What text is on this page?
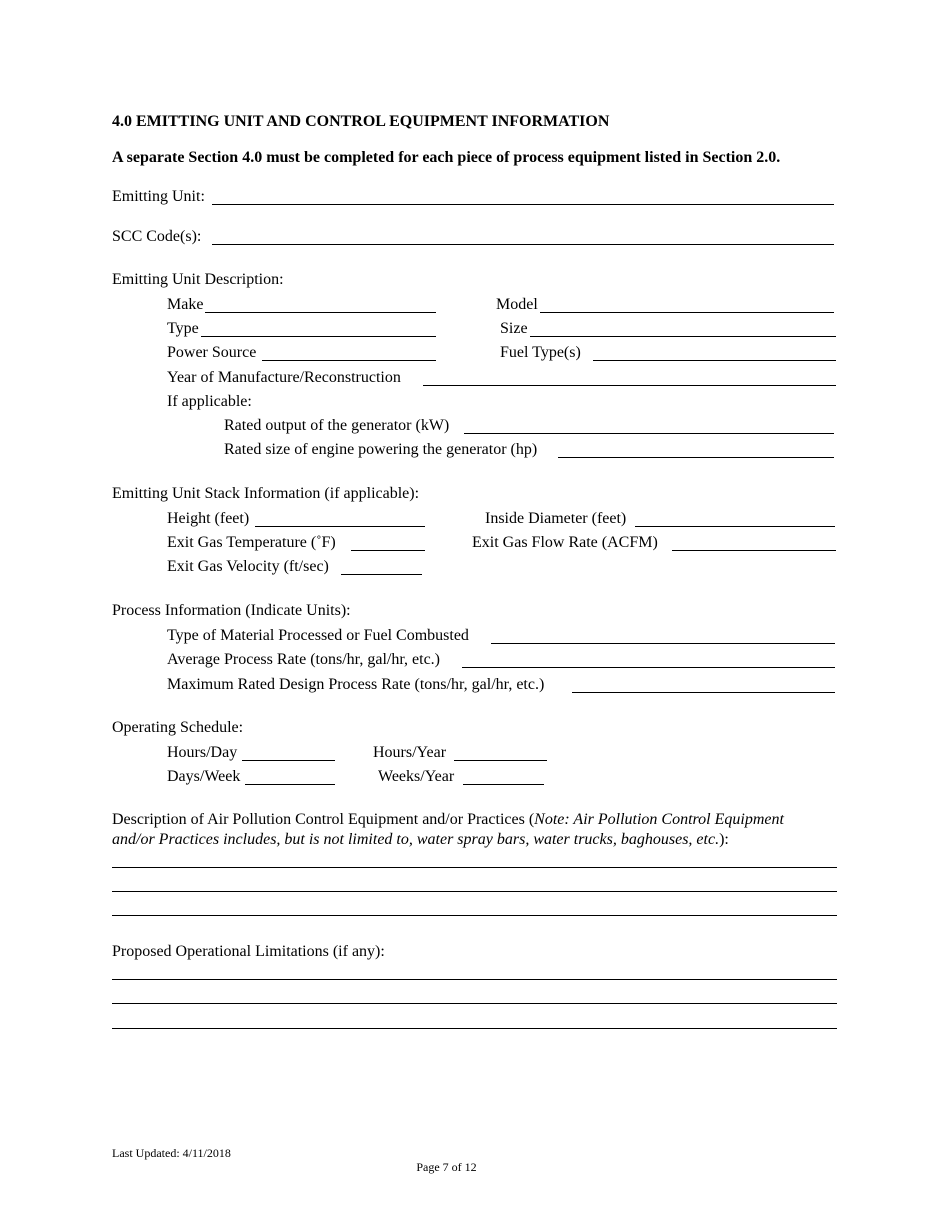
4.0 EMITTING UNIT AND CONTROL EQUIPMENT INFORMATION
A separate Section 4.0 must be completed for each piece of process equipment listed in Section 2.0.
Emitting Unit:
SCC Code(s):
Emitting Unit Description:
Make	Model
Type	Size
Power Source	Fuel Type(s)
Year of Manufacture/Reconstruction
If applicable:
Rated output of the generator (kW)
Rated size of engine powering the generator (hp)
Emitting Unit Stack Information (if applicable):
Height (feet)	Inside Diameter (feet)
Exit Gas Temperature (˚F)	Exit Gas Flow Rate (ACFM)
Exit Gas Velocity (ft/sec)
Process Information (Indicate Units):
Type of Material Processed or Fuel Combusted
Average Process Rate (tons/hr, gal/hr, etc.)
Maximum Rated Design Process Rate (tons/hr, gal/hr, etc.)
Operating Schedule:
Hours/Day	Hours/Year
Days/Week	Weeks/Year
Description of Air Pollution Control Equipment and/or Practices (Note: Air Pollution Control Equipment
and/or Practices includes, but is not limited to, water spray bars, water trucks, baghouses, etc.):
Proposed Operational Limitations (if any):
Last Updated: 4/11/2018
Page 7 of 12
